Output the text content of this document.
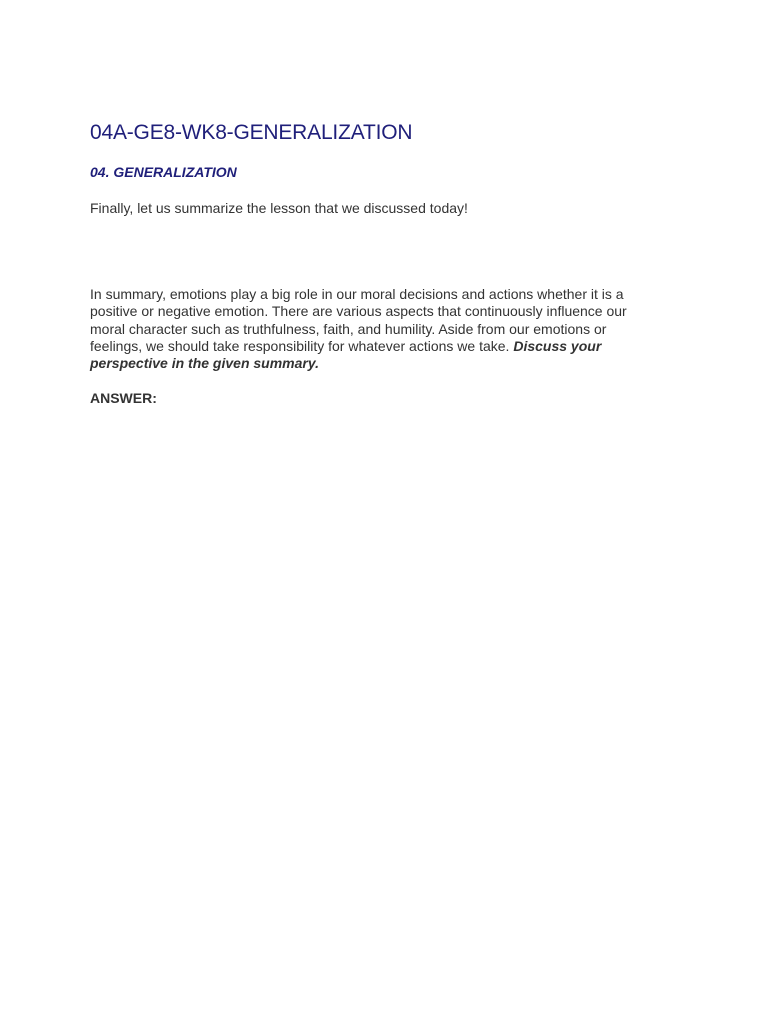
04A-GE8-WK8-GENERALIZATION
04. GENERALIZATION

Finally, let us summarize the lesson that we discussed today!

In summary, emotions play a big role in our moral decisions and actions whether it is a positive or negative emotion. There are various aspects that continuously influence our moral character such as truthfulness, faith, and humility. Aside from our emotions or feelings, we should take responsibility for whatever actions we take. Discuss your perspective in the given summary.

ANSWER:
